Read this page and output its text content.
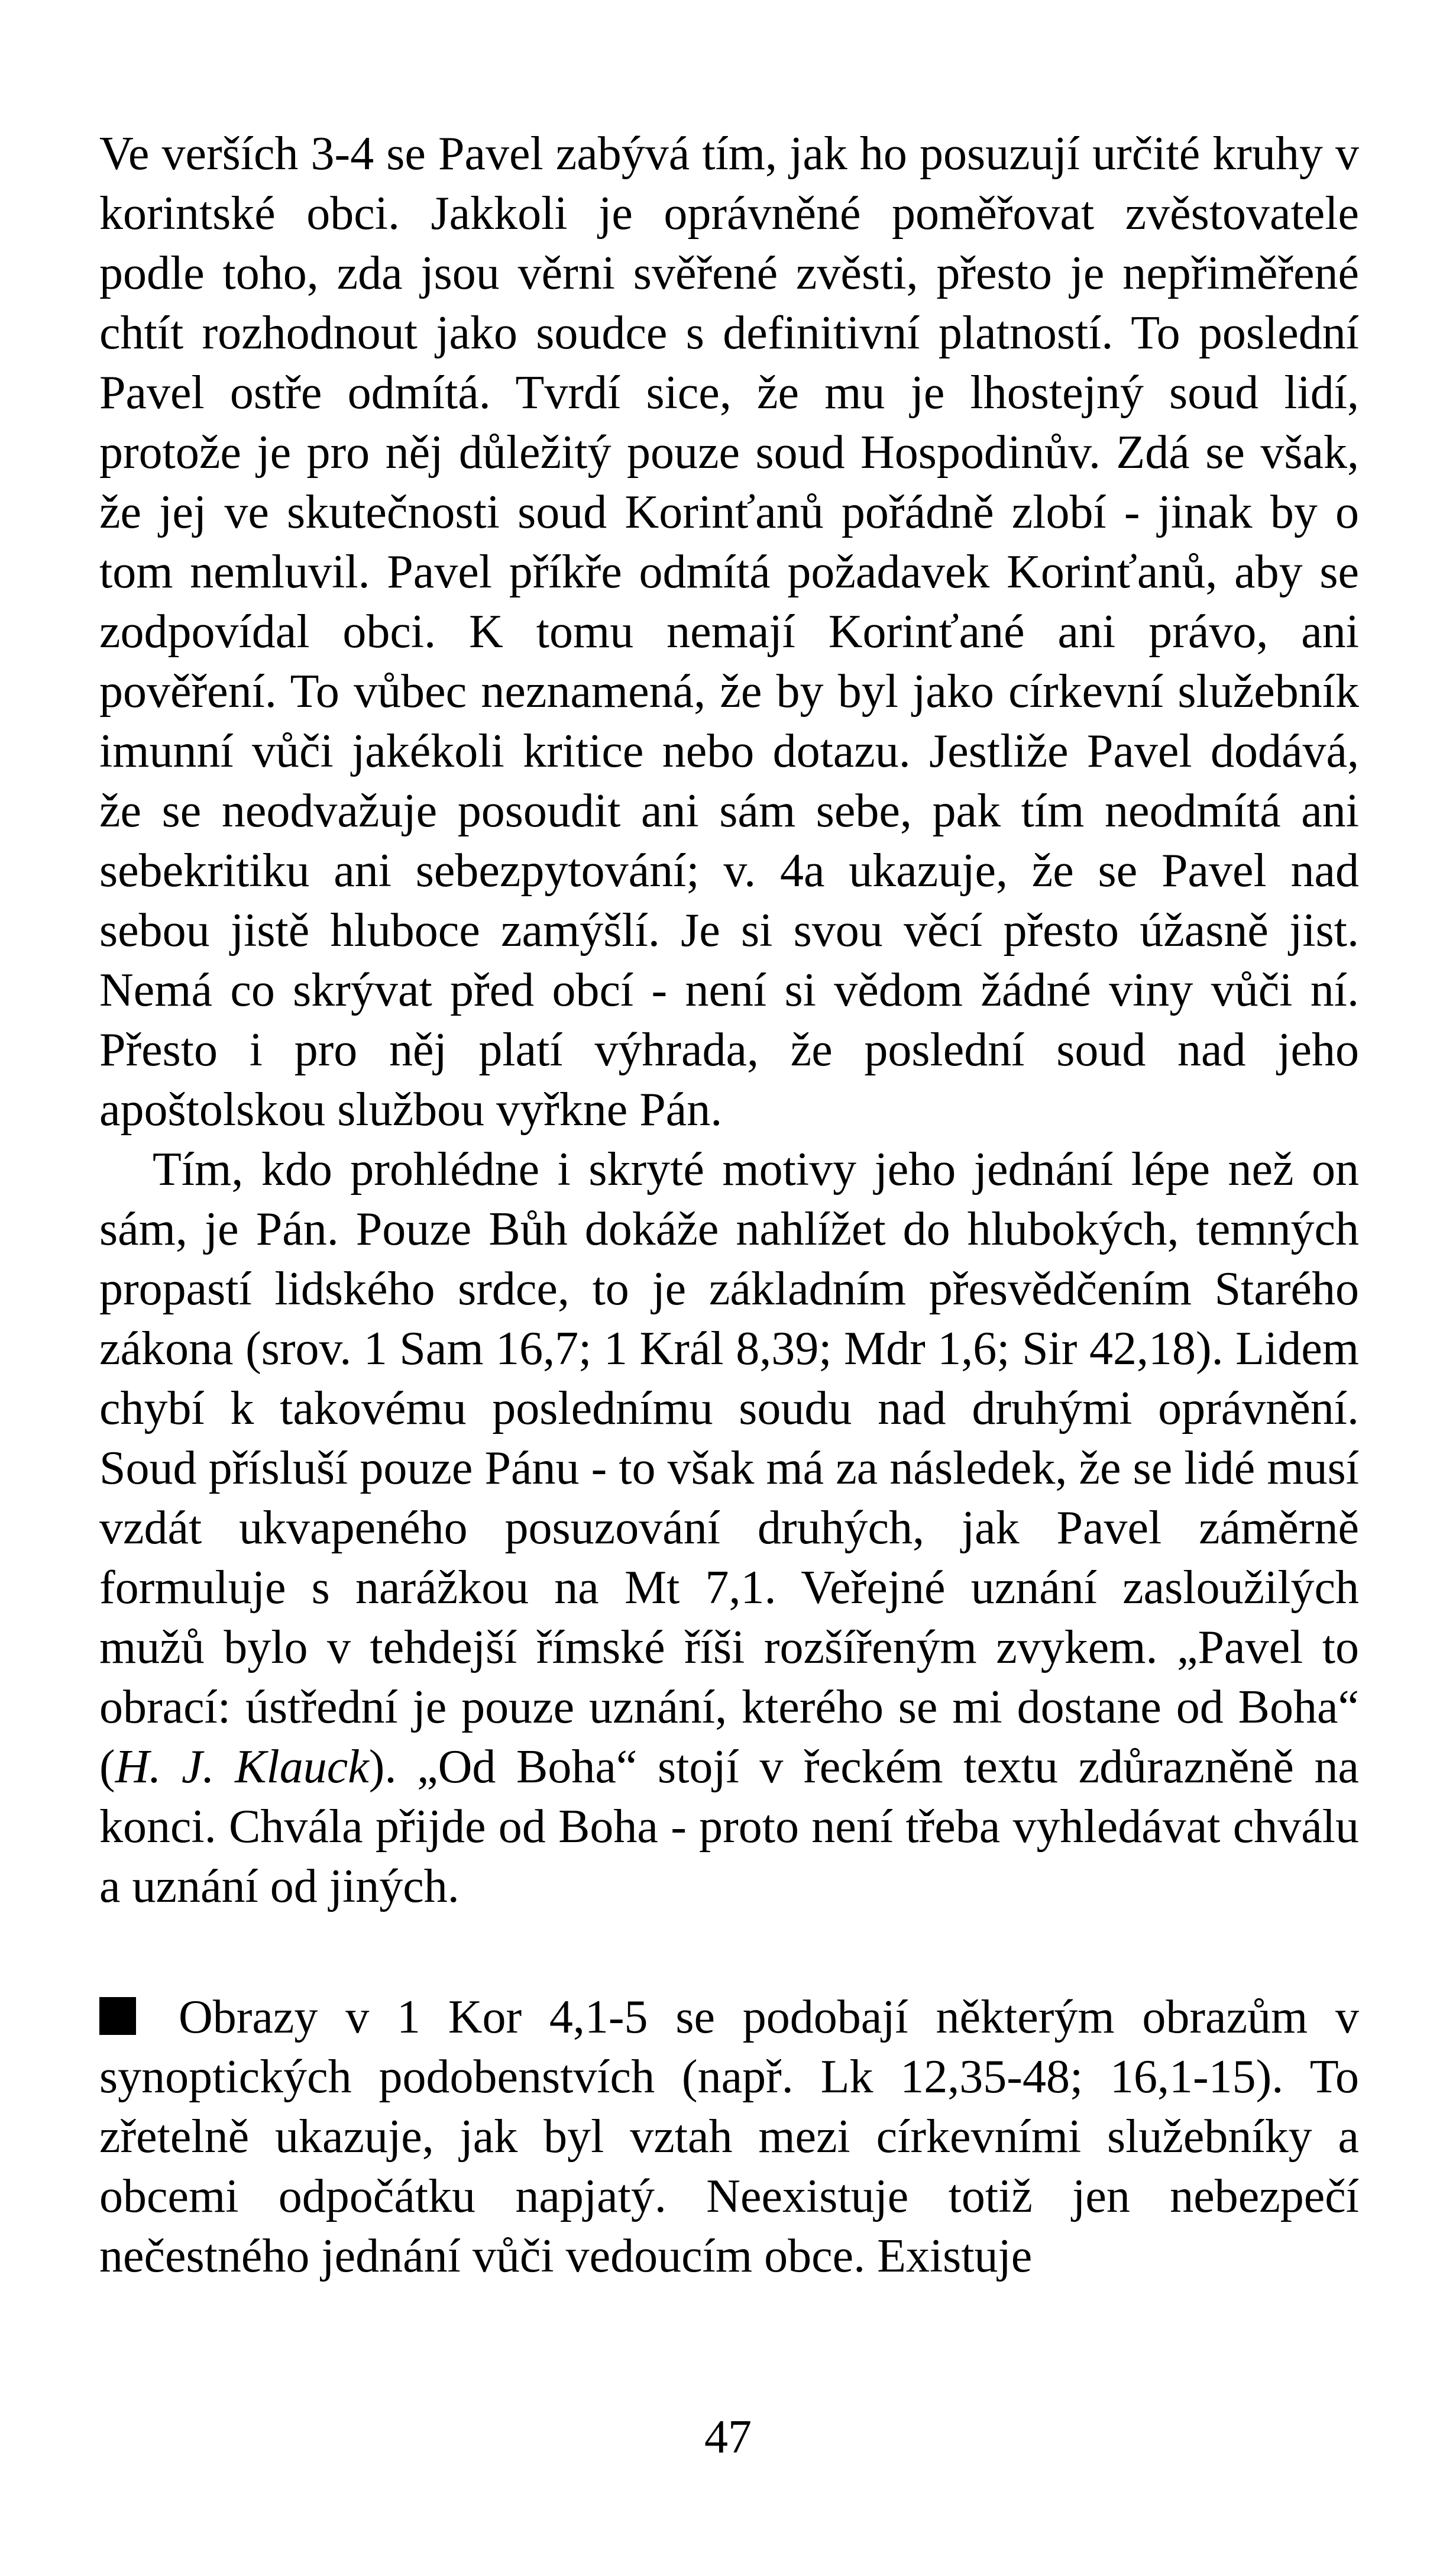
Ve verších 3-4 se Pavel zabývá tím, jak ho posuzují určité kruhy v korintské obci. Jakkoli je oprávněné poměřovat zvěstovatele podle toho, zda jsou věrni svěřené zvěsti, přesto je nepřiměřené chtít rozhodnout jako soudce s definitivní platností. To poslední Pavel ostře odmítá. Tvrdí sice, že mu je lhostejný soud lidí, protože je pro něj důležitý pouze soud Hospodinův. Zdá se však, že jej ve skutečnosti soud Korinťanů pořádně zlobí - jinak by o tom nemluvil. Pavel příkře odmítá požadavek Korinťanů, aby se zodpovídal obci. K tomu nemají Korinťané ani právo, ani pověření. To vůbec neznamená, že by byl jako církevní služebník imunní vůči jakékoli kritice nebo dotazu. Jestliže Pavel dodává, že se neodvažuje posoudit ani sám sebe, pak tím neodmítá ani sebekritiku ani sebezpytování; v. 4a ukazuje, že se Pavel nad sebou jistě hluboce zamýšlí. Je si svou věcí přesto úžasně jist. Nemá co skrývat před obcí - není si vědom žádné viny vůči ní. Přesto i pro něj platí výhrada, že poslední soud nad jeho apoštolskou službou vyřkne Pán.

Tím, kdo prohlédne i skryté motivy jeho jednání lépe než on sám, je Pán. Pouze Bůh dokáže nahlížet do hlubokých, temných propastí lidského srdce, to je základním přesvědčením Starého zákona (srov. 1 Sam 16,7; 1 Král 8,39; Mdr 1,6; Sir 42,18). Lidem chybí k takovému poslednímu soudu nad druhými oprávnění. Soud přísluší pouze Pánu - to však má za následek, že se lidé musí vzdát ukvapeného posuzování druhých, jak Pavel záměrně formuluje s narážkou na Mt 7,1. Veřejné uznání zasloužilých mužů bylo v tehdejší římské říši rozšířeným zvykem. „Pavel to obrací: ústřední je pouze uznání, kterého se mi dostane od Boha“ (H. J. Klauck). „Od Boha“ stojí v řeckém textu zdůrazněně na konci. Chvála přijde od Boha - proto není třeba vyhledávat chválu a uznání od jiných.

Obrazy v 1 Kor 4,1-5 se podobají některým obrazům v synoptických podobenstvích (např. Lk 12,35-48; 16,1-15). To zřetelně ukazuje, jak byl vztah mezi církevními služebníky a obcemi odpočátku napjatý. Neexistuje totiž jen nebezpečí nečestného jednání vůči vedoucím obce. Existuje

47
